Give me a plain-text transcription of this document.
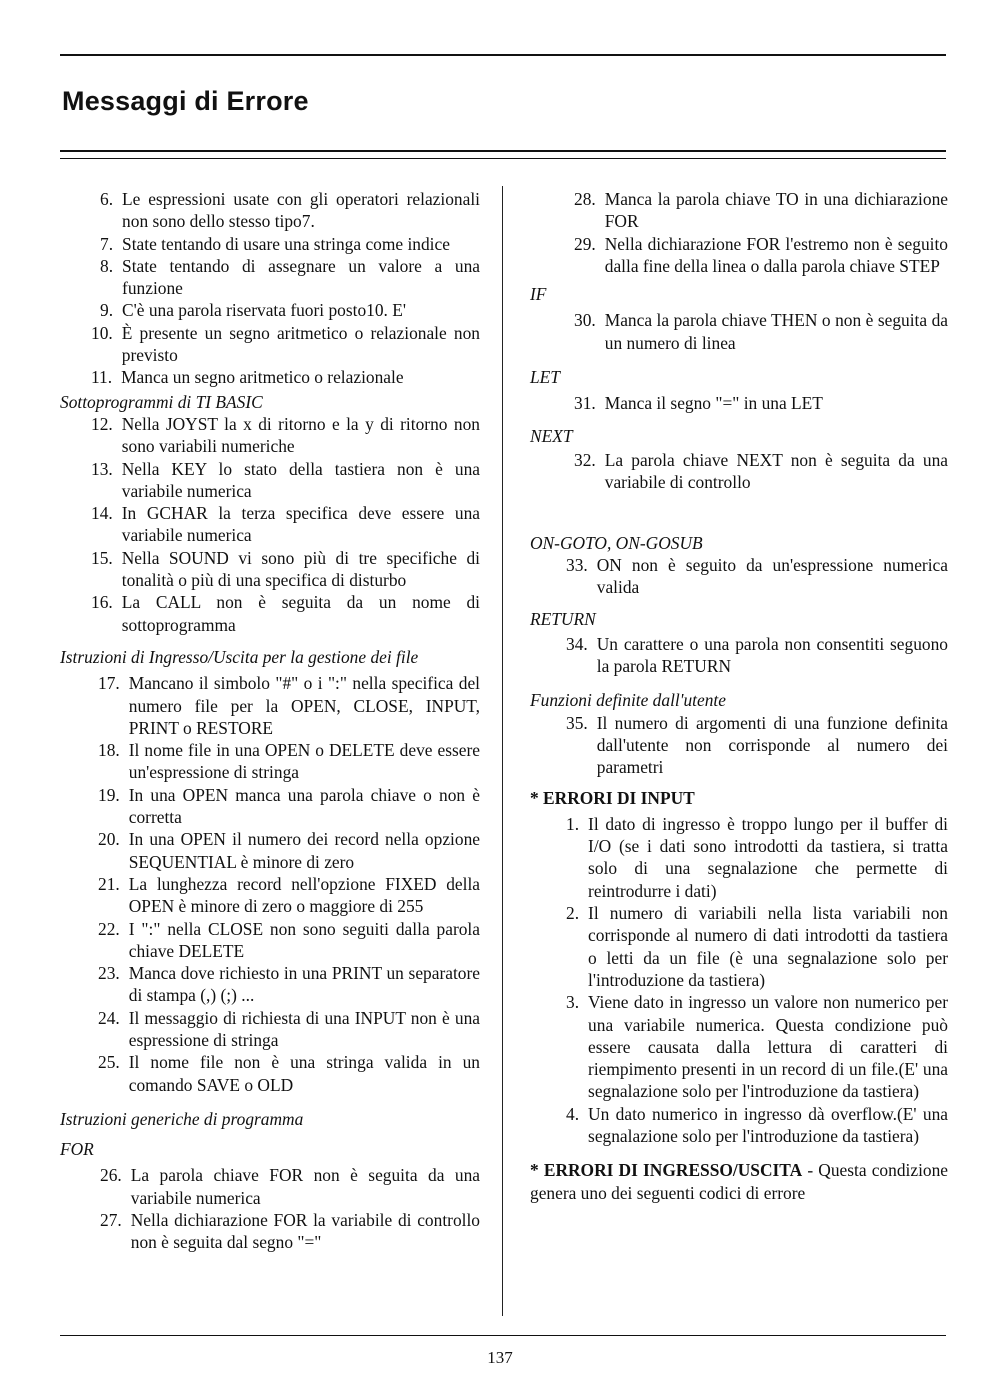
Messaggi di Errore
6. Le espressioni usate con gli operatori relazionali non sono dello stesso tipo7.
7. State tentando di usare una stringa come indice
8. State tentando di assegnare un valore a una funzione
9. C'è una parola riservata fuori posto10. E'
10. È presente un segno aritmetico o relazionale non previsto
11. Manca un segno aritmetico o relazionale
Sottoprogrammi di TI BASIC
12. Nella JOYST la x di ritorno e la y di ritorno non sono variabili numeriche
13. Nella KEY lo stato della tastiera non è una variabile numerica
14. In GCHAR la terza specifica deve essere una variabile numerica
15. Nella SOUND vi sono più di tre specifiche di tonalità o più di una specifica di disturbo
16. La CALL non è seguita da un nome di sottoprogramma
Istruzioni di Ingresso/Uscita per la gestione dei file
17. Mancano il simbolo "#" o i ":" nella specifica del numero file per la OPEN, CLOSE, INPUT, PRINT o RESTORE
18. Il nome file in una OPEN o DELETE deve essere un'espressione di stringa
19. In una OPEN manca una parola chiave o non è corretta
20. In una OPEN il numero dei record nella opzione SEQUENTIAL è minore di zero
21. La lunghezza record nell'opzione FIXED della OPEN è minore di zero o maggiore di 255
22. I ":" nella CLOSE non sono seguiti dalla parola chiave DELETE
23. Manca dove richiesto in una PRINT un separatore di stampa (,) (;) ...
24. Il messaggio di richiesta di una INPUT non è una espressione di stringa
25. Il nome file non è una stringa valida in un comando SAVE o OLD
Istruzioni generiche di programma
FOR
26. La parola chiave FOR non è seguita da una variabile numerica
27. Nella dichiarazione FOR la variabile di controllo non è seguita dal segno "="
28. Manca la parola chiave TO in una dichiarazione FOR
29. Nella dichiarazione FOR l'estremo non è seguito dalla fine della linea o dalla parola chiave STEP
IF
30. Manca la parola chiave THEN o non è seguita da un numero di linea
LET
31. Manca il segno "=" in una LET
NEXT
32. La parola chiave NEXT non è seguita da una variabile di controllo
ON-GOTO, ON-GOSUB
33. ON non è seguito da un'espressione numerica valida
RETURN
34. Un carattere o una parola non consentiti seguono la parola RETURN
Funzioni definite dall'utente
35. Il numero di argomenti di una funzione definita dall'utente non corrisponde al numero dei parametri
* ERRORI DI INPUT
1. Il dato di ingresso è troppo lungo per il buffer di I/O (se i dati sono introdotti da tastiera, si tratta solo di una segnalazione che permette di reintrodurre i dati)
2. Il numero di variabili nella lista variabili non corrisponde al numero di dati introdotti da tastiera o letti da un file (è una segnalazione solo per l'introduzione da tastiera)
3. Viene dato in ingresso un valore non numerico per una variabile numerica. Questa condizione può essere causata dalla lettura di caratteri di riempimento presenti in un record di un file.(E' una segnalazione solo per l'introduzione da tastiera)
4. Un dato numerico in ingresso dà overflow.(E' una segnalazione solo per l'introduzione da tastiera)
* ERRORI DI INGRESSO/USCITA - Questa condizione genera uno dei seguenti codici di errore
137
